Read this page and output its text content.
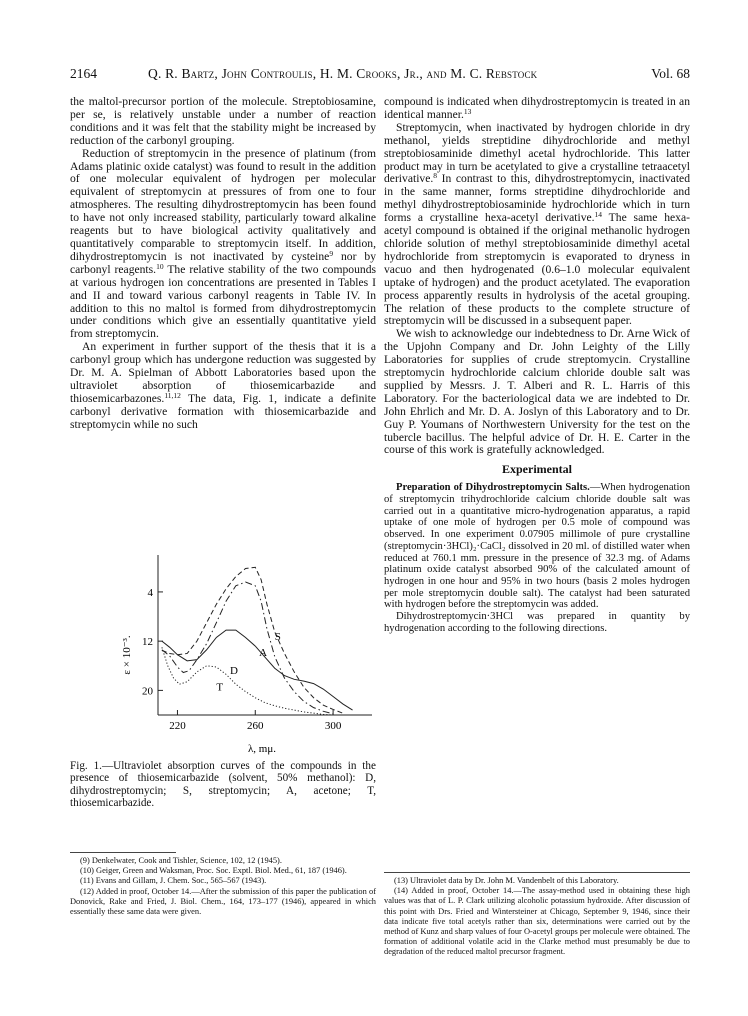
2164	Q. R. Bartz, John Controulis, H. M. Crooks, Jr., and M. C. Rebstock	Vol. 68

the maltol-precursor portion of the molecule. Streptobiosamine, per se, is relatively unstable under a number of reaction conditions and it was felt that the stability might be increased by reduction of the carbonyl grouping.

Reduction of streptomycin in the presence of platinum (from Adams platinic oxide catalyst) was found to result in the addition of one molecular equivalent of hydrogen per molecular equivalent of streptomycin at pressures of from one to four atmospheres. The resulting dihydrostreptomycin has been found to have not only increased stability, particularly toward alkaline reagents but to have biological activity qualitatively and quantitatively comparable to streptomycin itself. In addition, dihydrostreptomycin is not inactivated by cysteine$^9$ nor by carbonyl reagents.$^{10}$ The relative stability of the two compounds at various hydrogen ion concentrations are presented in Tables I and II and toward various carbonyl reagents in Table IV. In addition to this no maltol is formed from dihydrostreptomycin under conditions which give an essentially quantitative yield from streptomycin.

An experiment in further support of the thesis that it is a carbonyl group which has undergone reduction was suggested by Dr. M. A. Spielman of Abbott Laboratories based upon the ultraviolet absorption of thiosemicarbazide and thiosemicarbazones.$^{11,12}$ The data, Fig. 1, indicate a definite carbonyl derivative formation with thiosemicarbazide and streptomycin while no such

220	260	300
20
12
4
S
A
D
T
ε × 10⁻³.
λ, mμ.
Fig. 1.—Ultraviolet absorption curves of the compounds in the presence of thiosemicarbazide (solvent, 50% methanol): D, dihydrostreptomycin; S, streptomycin; A, acetone; T, thiosemicarbazide.

(9) Denkelwater, Cook and Tishler, Science, 102, 12 (1945).

(10) Geiger, Green and Waksman, Proc. Soc. Exptl. Biol. Med., 61, 187 (1946).

(11) Evans and Gillam, J. Chem. Soc., 565–567 (1943).

(12) Added in proof, October 14.—After the submission of this paper the publication of Donovick, Rake and Fried, J. Biol. Chem., 164, 173–177 (1946), appeared in which essentially these same data were given.

compound is indicated when dihydrostreptomycin is treated in an identical manner.$^{13}$

Streptomycin, when inactivated by hydrogen chloride in dry methanol, yields streptidine dihydrochloride and methyl streptobiosaminide dimethyl acetal hydrochloride. This latter product may in turn be acetylated to give a crystalline tetraacetyl derivative.$^8$ In contrast to this, dihydrostreptomycin, inactivated in the same manner, forms streptidine dihydrochloride and methyl dihydrostreptobiosaminide hydrochloride which in turn forms a crystalline hexa-acetyl derivative.$^{14}$ The same hexa-acetyl compound is obtained if the original methanolic hydrogen chloride solution of methyl streptobiosaminide dimethyl acetal hydrochloride from streptomycin is evaporated to dryness in vacuo and then hydrogenated (0.6–1.0 molecular equivalent uptake of hydrogen) and the product acetylated. The evaporation process apparently results in hydrolysis of the acetal grouping. The relation of these products to the complete structure of streptomycin will be discussed in a subsequent paper.

We wish to acknowledge our indebtedness to Dr. Arne Wick of the Upjohn Company and Dr. John Leighty of the Lilly Laboratories for supplies of crude streptomycin. Crystalline streptomycin hydrochloride calcium chloride double salt was supplied by Messrs. J. T. Alberi and R. L. Harris of this Laboratory. For the bacteriological data we are indebted to Dr. John Ehrlich and Mr. D. A. Joslyn of this Laboratory and to Dr. Guy P. Youmans of Northwestern University for the test on the tubercle bacillus. The helpful advice of Dr. H. E. Carter in the course of this work is gratefully acknowledged.

Experimental

Preparation of Dihydrostreptomycin Salts.—When hydrogenation of streptomycin trihydrochloride calcium chloride double salt was carried out in a quantitative micro-hydrogenation apparatus, a rapid uptake of one mole of hydrogen per 0.5 mole of compound was observed. In one experiment 0.07905 millimole of pure crystalline (streptomycin·3HCl)₂·CaCl₂ dissolved in 20 ml. of distilled water when reduced at 760.1 mm. pressure in the presence of 32.3 mg. of Adams platinum oxide catalyst absorbed 90% of the calculated amount of hydrogen in one hour and 95% in two hours (basis 2 moles hydrogen per mole streptomycin double salt). The catalyst had been saturated with hydrogen before the streptomycin was added.

Dihydrostreptomycin·3HCl was prepared in quantity by hydrogenation according to the following directions.

(13) Ultraviolet data by Dr. John M. Vandenbelt of this Laboratory.

(14) Added in proof, October 14.—The assay-method used in obtaining these high values was that of L. P. Clark utilizing alcoholic potassium hydroxide. After discussion of this point with Drs. Fried and Wintersteiner at Chicago, September 9, 1946, since their data indicate five total acetyls rather than six, determinations were carried out by the method of Kunz and sharp values of four O-acetyl groups per molecule were obtained. The formation of additional volatile acid in the Clarke method must presumably be due to degradation of the reduced maltol precursor fragment.
